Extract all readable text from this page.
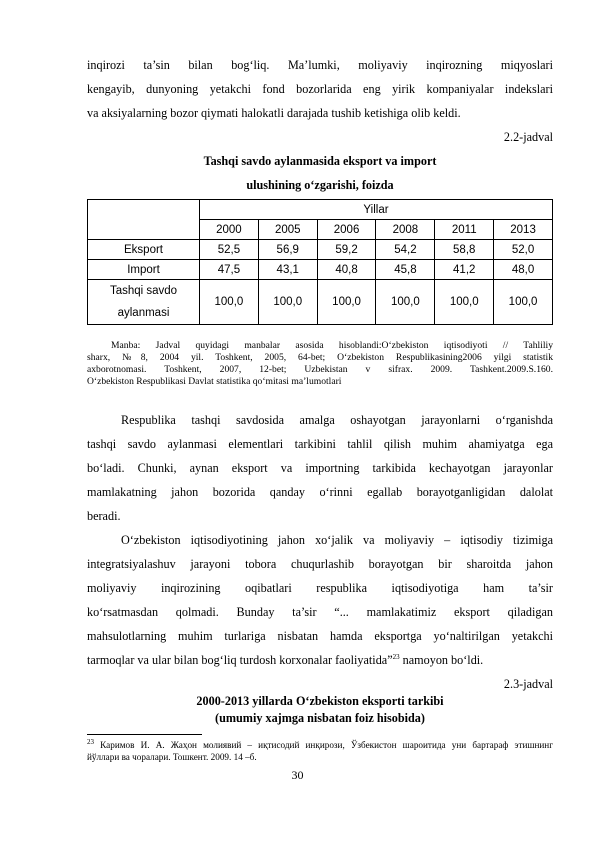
inqirozi ta’sin bilan bog‘liq. Ma’lumki, moliyaviy inqirozning miqyoslari
kengayib, dunyoning yetakchi fond bozorlarida eng yirik kompaniyalar indekslari
va aksiyalarning bozor qiymati halokatli darajada tushib ketishiga olib keldi.
2.2-jadval
Tashqi savdo aylanmasida eksport va import
ulushining o‘zgarishi, foizda
	Yillar					
	2000	2005	2006	2008	2011	2013
Eksport	52,5	56,9	59,2	54,2	58,8	52,0
Import	47,5	43,1	40,8	45,8	41,2	48,0

Tashqi savdo
aylanmasi	100,0	100,0	100,0	100,0	100,0	100,0
Manba: Jadval quyidagi manbalar asosida hisoblandi:O‘zbekiston iqtisodiyoti // Tahliliy
sharx, №8, 2004 yil. Toshkent, 2005, 64-bet; O‘zbekiston Respublikasining2006 yilgi statistik
axborotnomasi. Toshkent, 2007, 12-bet; Uzbekistan v sifrax. 2009. Tashkent.2009.S.160.
O‘zbekiston Respublikasi Davlat statistika qo‘mitasi ma’lumotlari
Respublika tashqi savdosida amalga oshayotgan jarayonlarni o‘rganishda
tashqi savdo aylanmasi elementlari tarkibini tahlil qilish muhim ahamiyatga ega
bo‘ladi. Chunki, aynan eksport va importning tarkibida kechayotgan jarayonlar
mamlakatning jahon bozorida qanday o‘rinni egallab borayotganligidan dalolat
beradi.
O‘zbekiston iqtisodiyotining jahon xo‘jalik va moliyaviy – iqtisodiy tizimiga
integratsiyalashuv jarayoni tobora chuqurlashib borayotgan bir sharoitda jahon
moliyaviy inqirozining oqibatlari respublika iqtisodiyotiga ham ta’sir
ko‘rsatmasdan qolmadi. Bunday ta’sir “... mamlakatimiz eksport qiladigan
mahsulotlarning muhim turlariga nisbatan hamda eksportga yo‘naltirilgan yetakchi
tarmoqlar va ular bilan bog‘liq turdosh korxonalar faoliyatida”$^{23}$ namoyon bo‘ldi.
2.3-jadval
2000-2013 yillarda O‘zbekiston eksporti tarkibi
(umumiy xajmga nisbatan foiz hisobida)
$^{23}$ Каримов И. А. Жаҳон молиявий – иқтисодий инқирози, Ўзбекистон шароитида уни бартараф этишнинг
йўллари ва чоралари. Тошкент. 2009. 14 –б.
30
